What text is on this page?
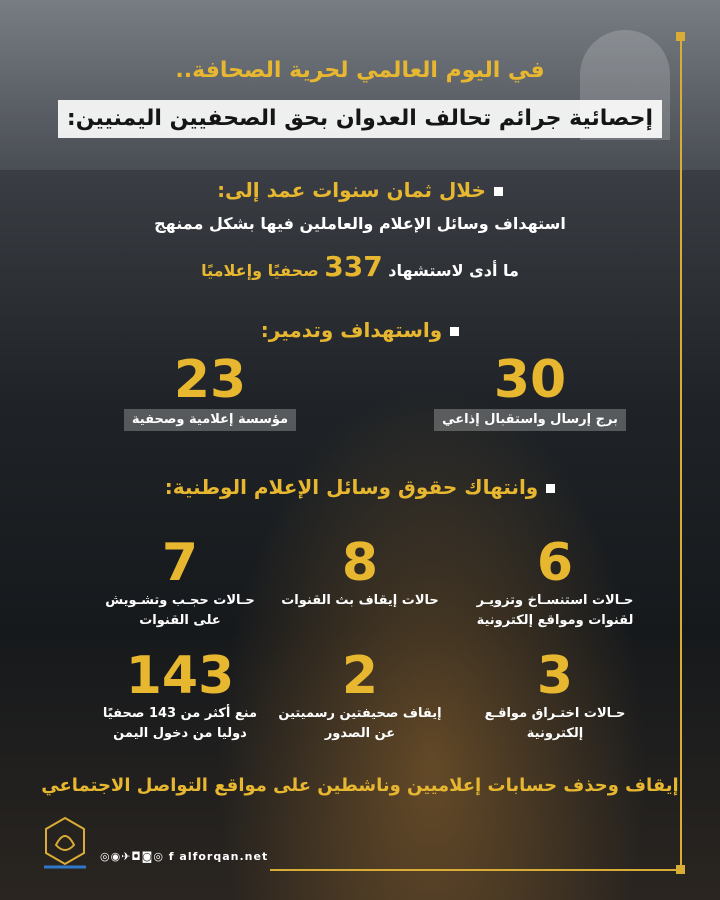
في اليوم العالمي لحرية الصحافة..
إحصائية جرائم تحالف العدوان بحق الصحفيين اليمنيين:
خلال ثمان سنوات عمد إلى:
استهداف وسائل الإعلام والعاملين فيها بشكل ممنهج
ما أدى لاستشهاد 337 صحفيًا وإعلاميًا
واستهداف وتدمير:
30
برج إرسال واستقبال إذاعي
23
مؤسسة إعلامية وصحفية
وانتهاك حقوق وسائل الإعلام الوطنية:
6
حـالات استنسـاخ وتزويـر
لقنوات ومواقع إلكترونية
8
حالات إيقاف بث القنوات
7
حـالات حجـب وتشـويش
على القنوات
3
حـالات اختـراق مواقـع
إلكترونية
2
إيقاف صحيفتين رسميتين
عن الصدور
143
منع أكثر من 143 صحفيًا
دوليا من دخول اليمن
إيقاف وحذف حسابات إعلاميين وناشطين على مواقع التواصل الاجتماعي
◎◉✈◘◙◎ f alforqan.net
